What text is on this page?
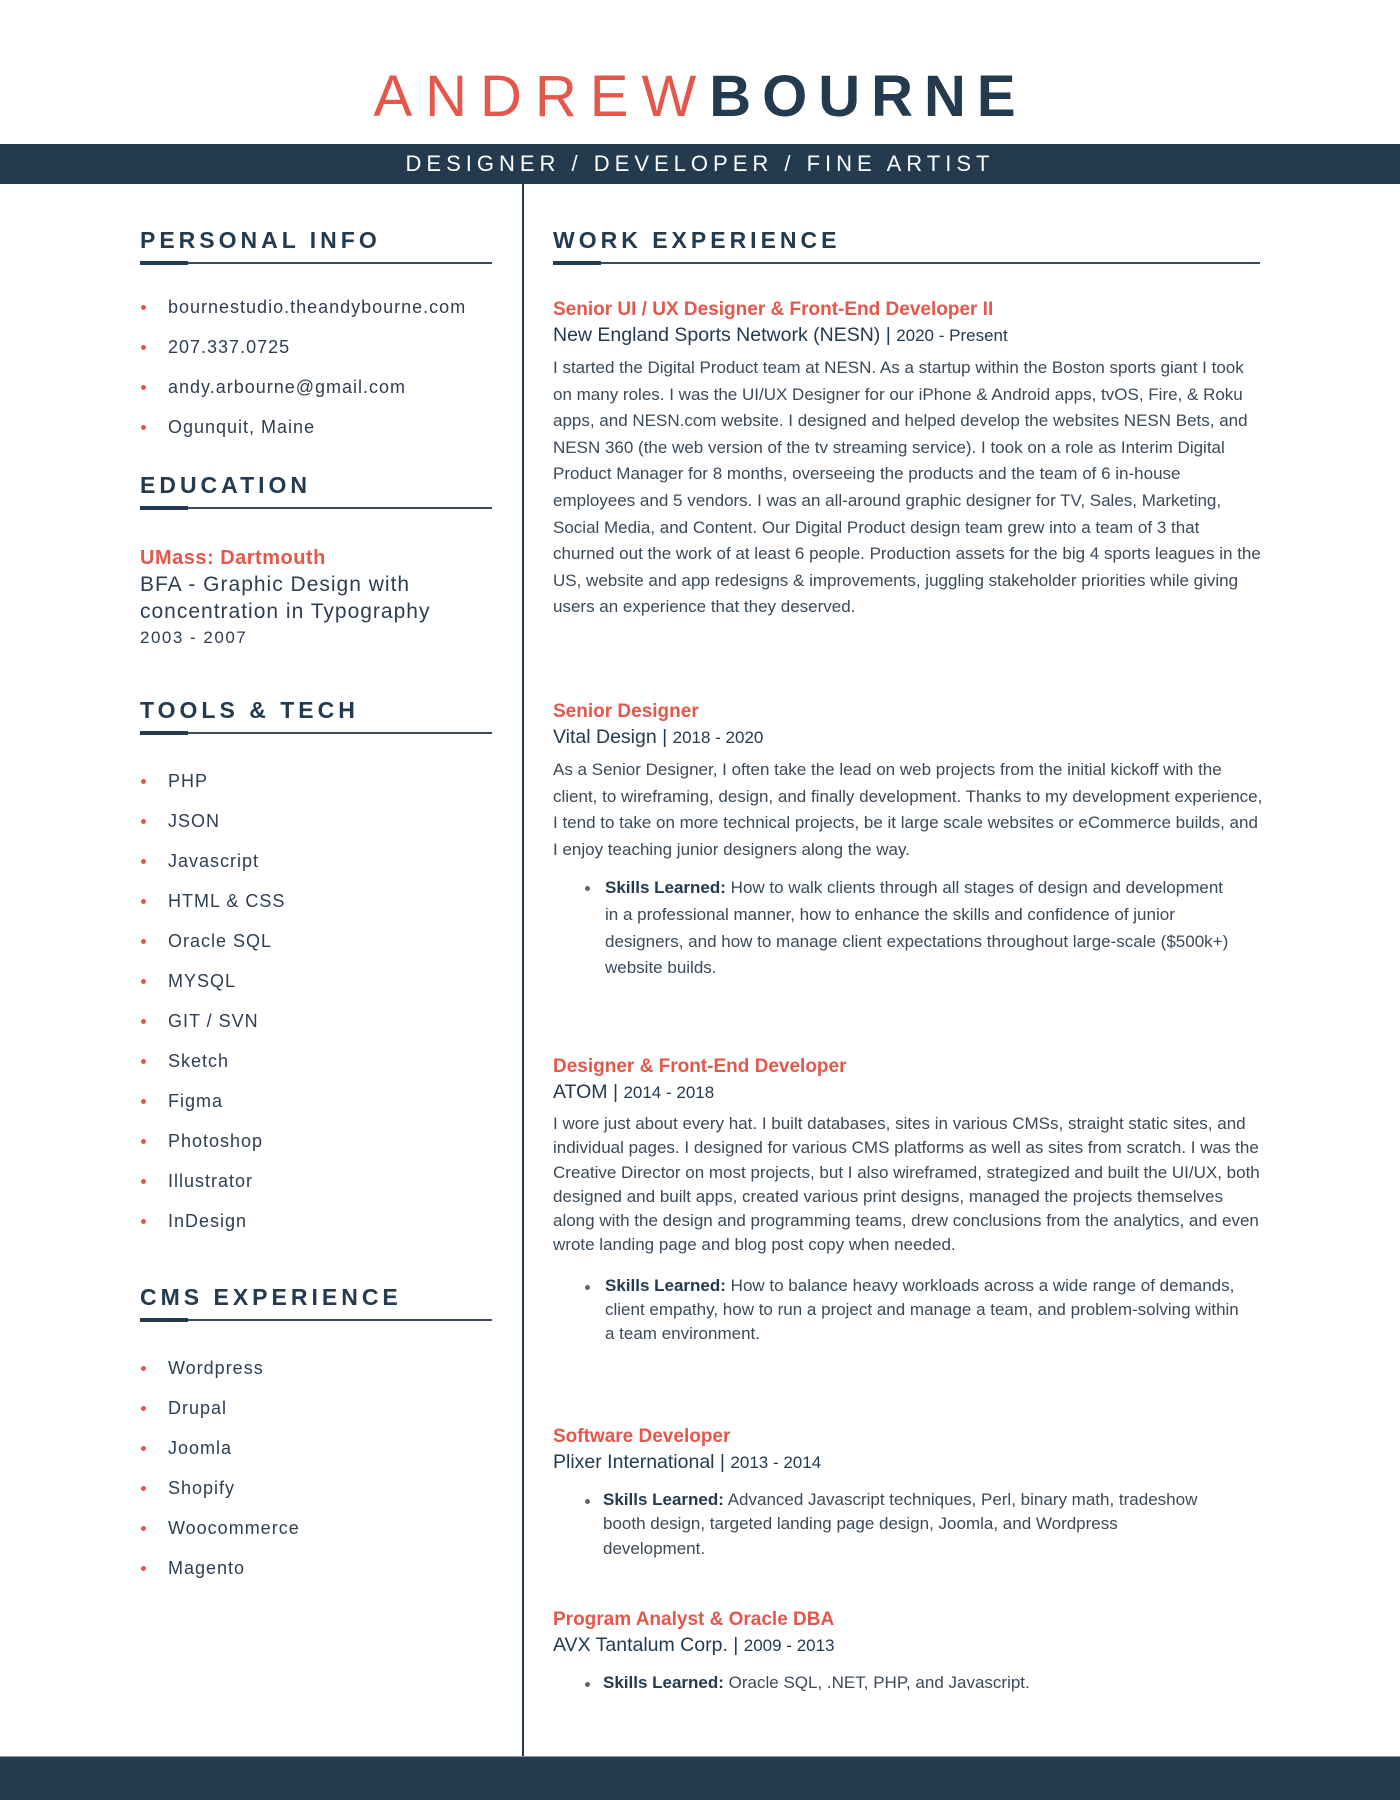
ANDREWBOURNE
DESIGNER / DEVELOPER / FINE ARTIST
PERSONAL INFO
bournestudio.theandybourne.com
207.337.0725
andy.arbourne@gmail.com
Ogunquit, Maine
EDUCATION
UMass: Dartmouth
BFA - Graphic Design with concentration in Typography
2003 - 2007
TOOLS & TECH
PHP
JSON
Javascript
HTML & CSS
Oracle SQL
MYSQL
GIT / SVN
Sketch
Figma
Photoshop
Illustrator
InDesign
CMS EXPERIENCE
Wordpress
Drupal
Joomla
Shopify
Woocommerce
Magento
WORK EXPERIENCE
Senior UI / UX Designer & Front-End Developer II
New England Sports Network (NESN) | 2020 - Present
I started the Digital Product team at NESN. As a startup within the Boston sports giant I took on many roles. I was the UI/UX Designer for our iPhone & Android apps, tvOS, Fire, & Roku apps, and NESN.com website. I designed and helped develop the websites NESN Bets, and NESN 360 (the web version of the tv streaming service). I took on a role as Interim Digital Product Manager for 8 months, overseeing the products and the team of 6 in-house employees and 5 vendors. I was an all-around graphic designer for TV, Sales, Marketing, Social Media, and Content. Our Digital Product design team grew into a team of 3 that churned out the work of at least 6 people. Production assets for the big 4 sports leagues in the US, website and app redesigns & improvements, juggling stakeholder priorities while giving users an experience that they deserved.
Senior Designer
Vital Design | 2018 - 2020
As a Senior Designer, I often take the lead on web projects from the initial kickoff with the client, to wireframing, design, and finally development. Thanks to my development experience, I tend to take on more technical projects, be it large scale websites or eCommerce builds, and I enjoy teaching junior designers along the way.
Skills Learned: How to walk clients through all stages of design and development in a professional manner, how to enhance the skills and confidence of junior designers, and how to manage client expectations throughout large-scale ($500k+) website builds.
Designer & Front-End Developer
ATOM | 2014 - 2018
I wore just about every hat. I built databases, sites in various CMSs, straight static sites, and individual pages. I designed for various CMS platforms as well as sites from scratch. I was the Creative Director on most projects, but I also wireframed, strategized and built the UI/UX, both designed and built apps, created various print designs, managed the projects themselves along with the design and programming teams, drew conclusions from the analytics, and even wrote landing page and blog post copy when needed.
Skills Learned: How to balance heavy workloads across a wide range of demands, client empathy, how to run a project and manage a team, and problem-solving within a team environment.
Software Developer
Plixer International | 2013 - 2014
Skills Learned: Advanced Javascript techniques, Perl, binary math, tradeshow booth design, targeted landing page design, Joomla, and Wordpress development.
Program Analyst & Oracle DBA
AVX Tantalum Corp. | 2009 - 2013
Skills Learned: Oracle SQL, .NET, PHP, and Javascript.
